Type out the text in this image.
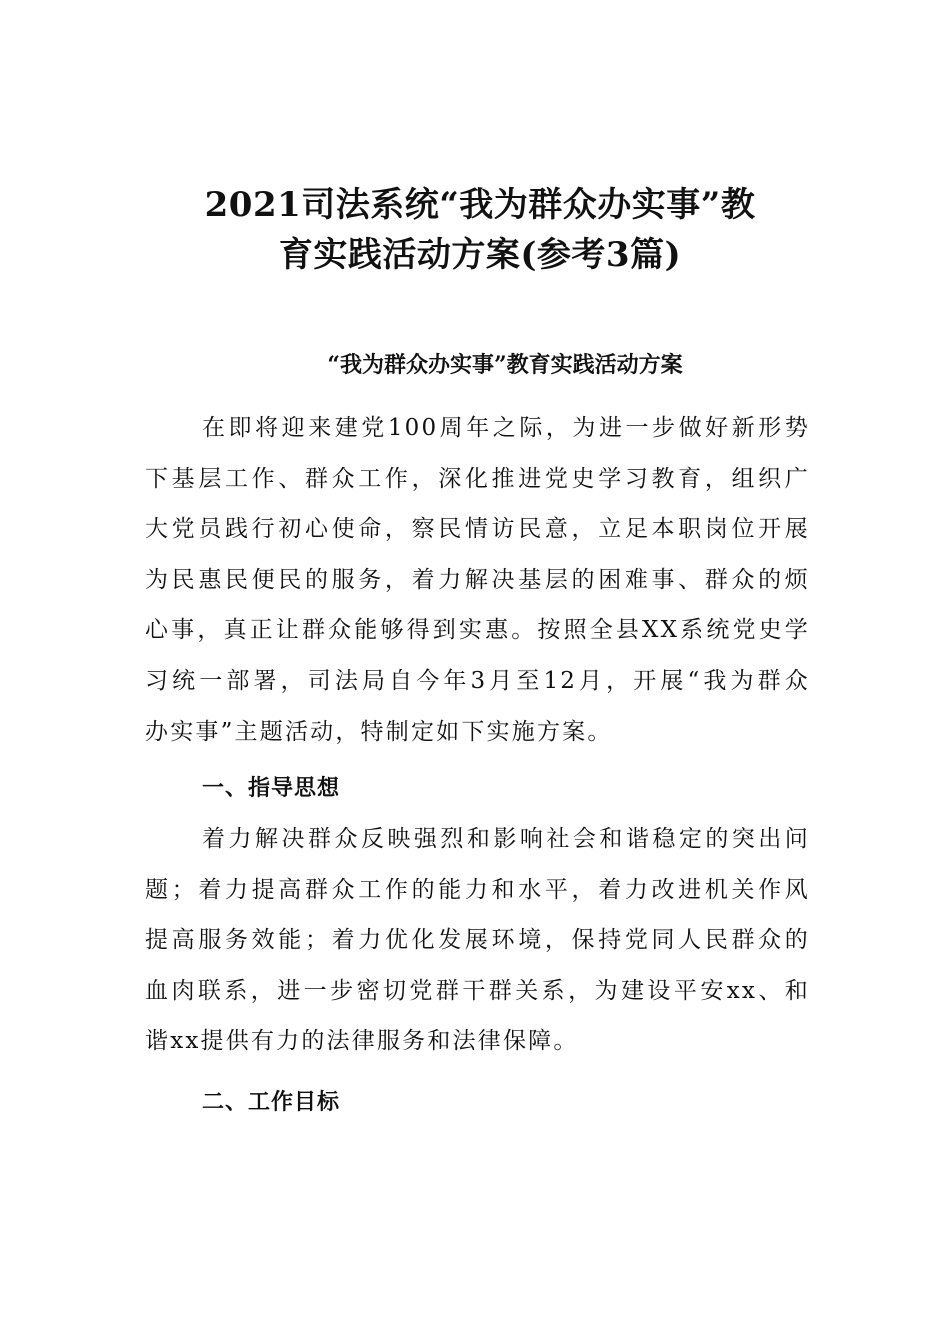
2021司法系统“我为群众办实事”教
育实践活动方案(参考3篇)
“我为群众办实事”教育实践活动方案
在即将迎来建党100周年之际，为进一步做好新形势
下基层工作、群众工作，深化推进党史学习教育，组织广
大党员践行初心使命，察民情访民意，立足本职岗位开展
为民惠民便民的服务，着力解决基层的困难事、群众的烦
心事，真正让群众能够得到实惠。按照全县XX系统党史学
习统一部署，司法局自今年3月至12月，开展“我为群众
办实事”主题活动，特制定如下实施方案。
一、指导思想
着力解决群众反映强烈和影响社会和谐稳定的突出问
题；着力提高群众工作的能力和水平，着力改进机关作风
提高服务效能；着力优化发展环境，保持党同人民群众的
血肉联系，进一步密切党群干群关系，为建设平安xx、和
谐xx提供有力的法律服务和法律保障。
二、工作目标
